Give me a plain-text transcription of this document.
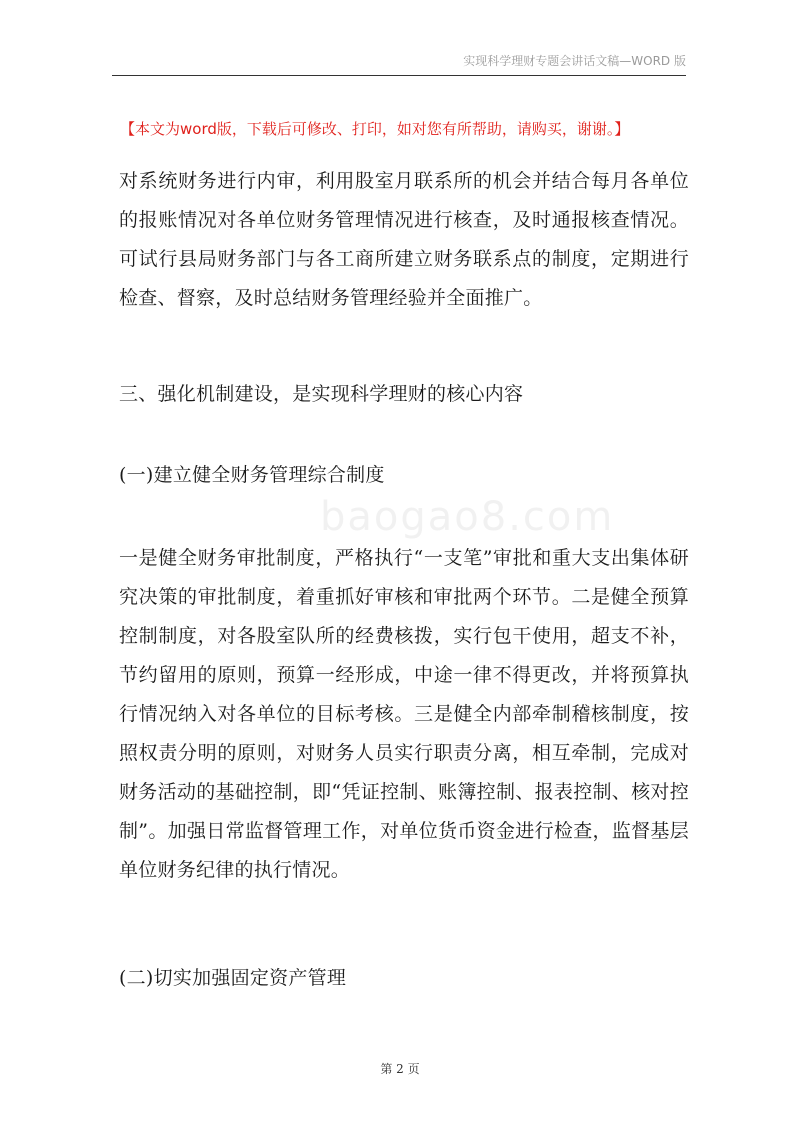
实现科学理财专题会讲话文稿—WORD 版
【本文为word版，下载后可修改、打印，如对您有所帮助，请购买，谢谢。】

对系统财务进行内审，利用股室月联系所的机会并结合每月各单位的报账情况对各单位财务管理情况进行核查，及时通报核查情况。可试行县局财务部门与各工商所建立财务联系点的制度，定期进行检查、督察，及时总结财务管理经验并全面推广。

三、强化机制建设，是实现科学理财的核心内容

(一)建立健全财务管理综合制度

baogao8.com

一是健全财务审批制度，严格执行“一支笔”审批和重大支出集体研究决策的审批制度，着重抓好审核和审批两个环节。二是健全预算控制制度，对各股室队所的经费核拨，实行包干使用，超支不补，节约留用的原则，预算一经形成，中途一律不得更改，并将预算执行情况纳入对各单位的目标考核。三是健全内部牵制稽核制度，按照权责分明的原则，对财务人员实行职责分离，相互牵制，完成对财务活动的基础控制，即“凭证控制、账簿控制、报表控制、核对控制”。加强日常监督管理工作，对单位货币资金进行检查，监督基层单位财务纪律的执行情况。

(二)切实加强固定资产管理

第 2 页
